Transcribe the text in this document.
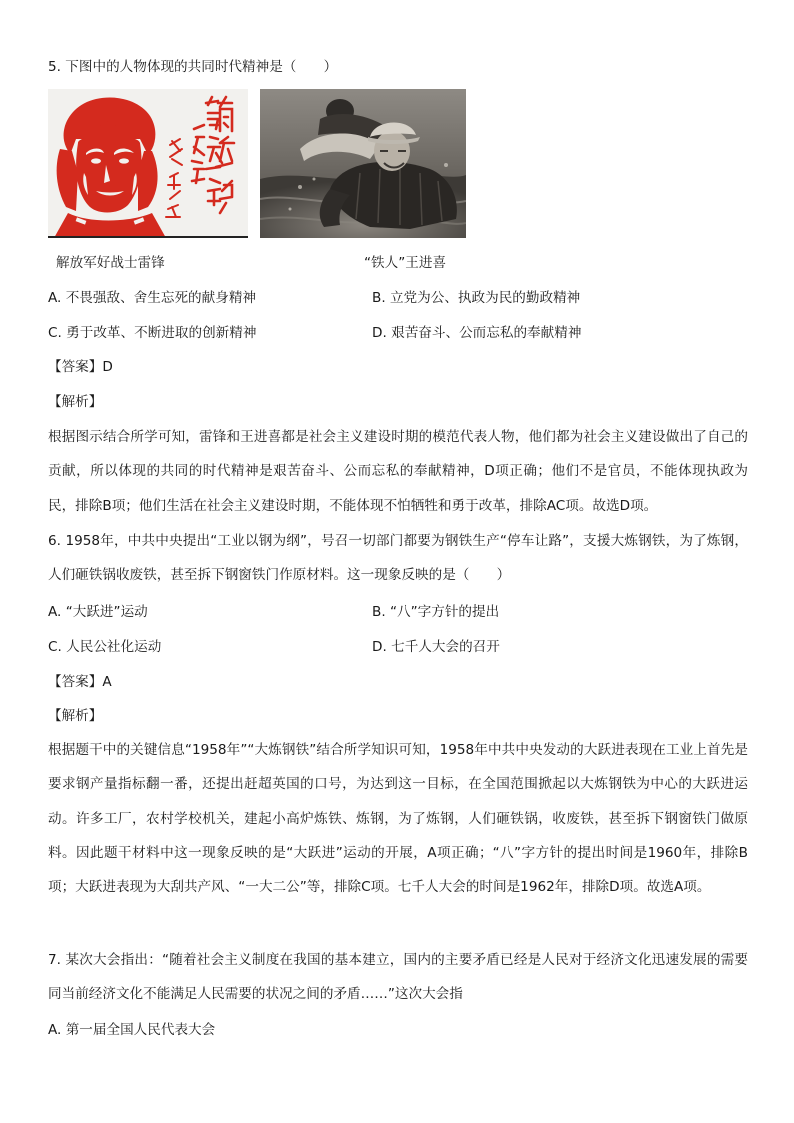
5. 下图中的人物体现的共同时代精神是（　　）
解放军好战士雷锋	“铁人”王进喜
A. 不畏强敌、舍生忘死的献身精神	B. 立党为公、执政为民的勤政精神
C. 勇于改革、不断进取的创新精神	D. 艰苦奋斗、公而忘私的奉献精神
【答案】D
【解析】
根据图示结合所学可知，雷锋和王进喜都是社会主义建设时期的模范代表人物，他们都为社会主义建设做出了自己的贡献，所以体现的共同的时代精神是艰苦奋斗、公而忘私的奉献精神，D项正确；他们不是官员，不能体现执政为民，排除B项；他们生活在社会主义建设时期，不能体现不怕牺牲和勇于改革，排除AC项。故选D项。
6. 1958年，中共中央提出“工业以钢为纲”，号召一切部门都要为钢铁生产“停车让路”，支援大炼钢铁，为了炼钢，人们砸铁锅收废铁，甚至拆下钢窗铁门作原材料。这一现象反映的是（　　）
A. “大跃进”运动	B. “八”字方针的提出
C. 人民公社化运动	D. 七千人大会的召开
【答案】A
【解析】
根据题干中的关键信息“1958年”“大炼钢铁”结合所学知识可知，1958年中共中央发动的大跃进表现在工业上首先是要求钢产量指标翻一番，还提出赶超英国的口号，为达到这一目标，在全国范围掀起以大炼钢铁为中心的大跃进运动。许多工厂，农村学校机关，建起小高炉炼铁、炼钢，为了炼钢，人们砸铁锅，收废铁，甚至拆下钢窗铁门做原料。因此题干材料中这一现象反映的是“大跃进”运动的开展，A项正确；“八”字方针的提出时间是1960年，排除B项；大跃进表现为大刮共产风、“一大二公”等，排除C项。七千人大会的时间是1962年，排除D项。故选A项。
7. 某次大会指出：“随着社会主义制度在我国的基本建立，国内的主要矛盾已经是人民对于经济文化迅速发展的需要同当前经济文化不能满足人民需要的状况之间的矛盾……”这次大会指
A. 第一届全国人民代表大会
